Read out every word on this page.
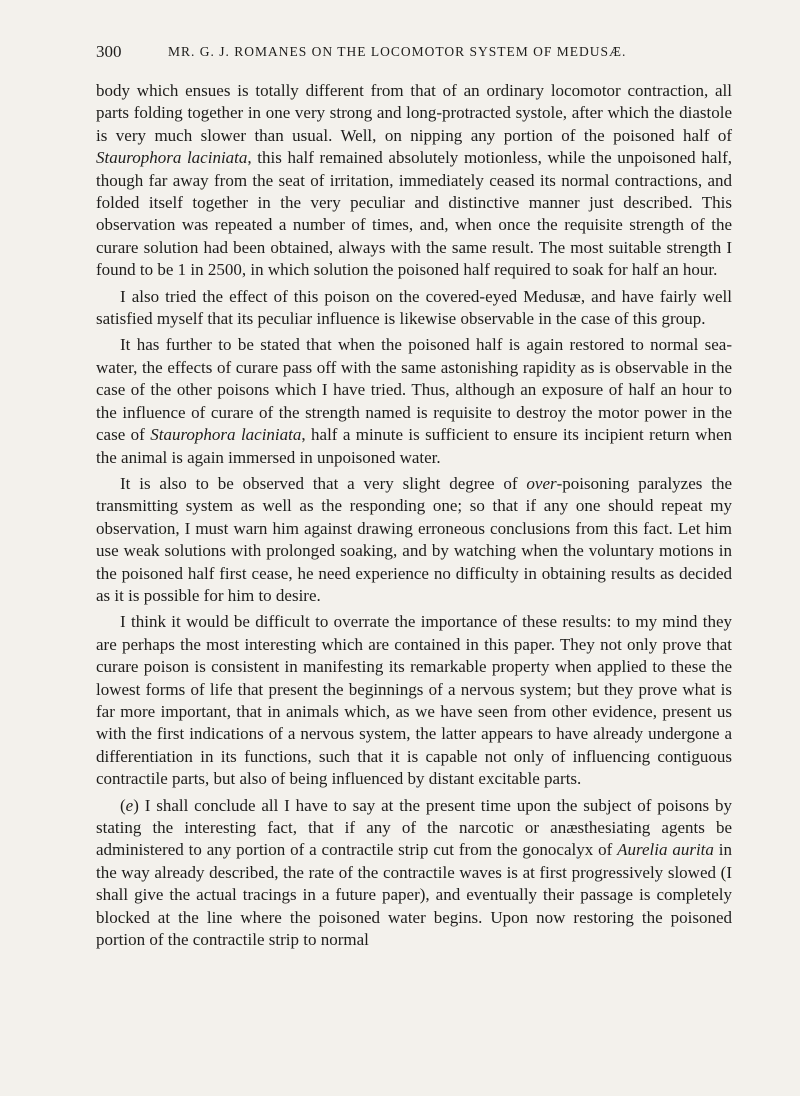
300	MR. G. J. ROMANES ON THE LOCOMOTOR SYSTEM OF MEDUSÆ.

body which ensues is totally different from that of an ordinary locomotor contraction, all parts folding together in one very strong and long-protracted systole, after which the diastole is very much slower than usual. Well, on nipping any portion of the poisoned half of Staurophora laciniata, this half remained absolutely motionless, while the unpoisoned half, though far away from the seat of irritation, immediately ceased its normal contractions, and folded itself together in the very peculiar and distinctive manner just described. This observation was repeated a number of times, and, when once the requisite strength of the curare solution had been obtained, always with the same result. The most suitable strength I found to be 1 in 2500, in which solution the poisoned half required to soak for half an hour.

I also tried the effect of this poison on the covered-eyed Medusæ, and have fairly well satisfied myself that its peculiar influence is likewise observable in the case of this group.

It has further to be stated that when the poisoned half is again restored to normal sea-water, the effects of curare pass off with the same astonishing rapidity as is observable in the case of the other poisons which I have tried. Thus, although an exposure of half an hour to the influence of curare of the strength named is requisite to destroy the motor power in the case of Staurophora laciniata, half a minute is sufficient to ensure its incipient return when the animal is again immersed in unpoisoned water.

It is also to be observed that a very slight degree of over-poisoning paralyzes the transmitting system as well as the responding one; so that if any one should repeat my observation, I must warn him against drawing erroneous conclusions from this fact. Let him use weak solutions with prolonged soaking, and by watching when the voluntary motions in the poisoned half first cease, he need experience no difficulty in obtaining results as decided as it is possible for him to desire.

I think it would be difficult to overrate the importance of these results: to my mind they are perhaps the most interesting which are contained in this paper. They not only prove that curare poison is consistent in manifesting its remarkable property when applied to these the lowest forms of life that present the beginnings of a nervous system; but they prove what is far more important, that in animals which, as we have seen from other evidence, present us with the first indications of a nervous system, the latter appears to have already undergone a differentiation in its functions, such that it is capable not only of influencing contiguous contractile parts, but also of being influenced by distant excitable parts.

(e) I shall conclude all I have to say at the present time upon the subject of poisons by stating the interesting fact, that if any of the narcotic or anæsthesiating agents be administered to any portion of a contractile strip cut from the gonocalyx of Aurelia aurita in the way already described, the rate of the contractile waves is at first progressively slowed (I shall give the actual tracings in a future paper), and eventually their passage is completely blocked at the line where the poisoned water begins. Upon now restoring the poisoned portion of the contractile strip to normal
